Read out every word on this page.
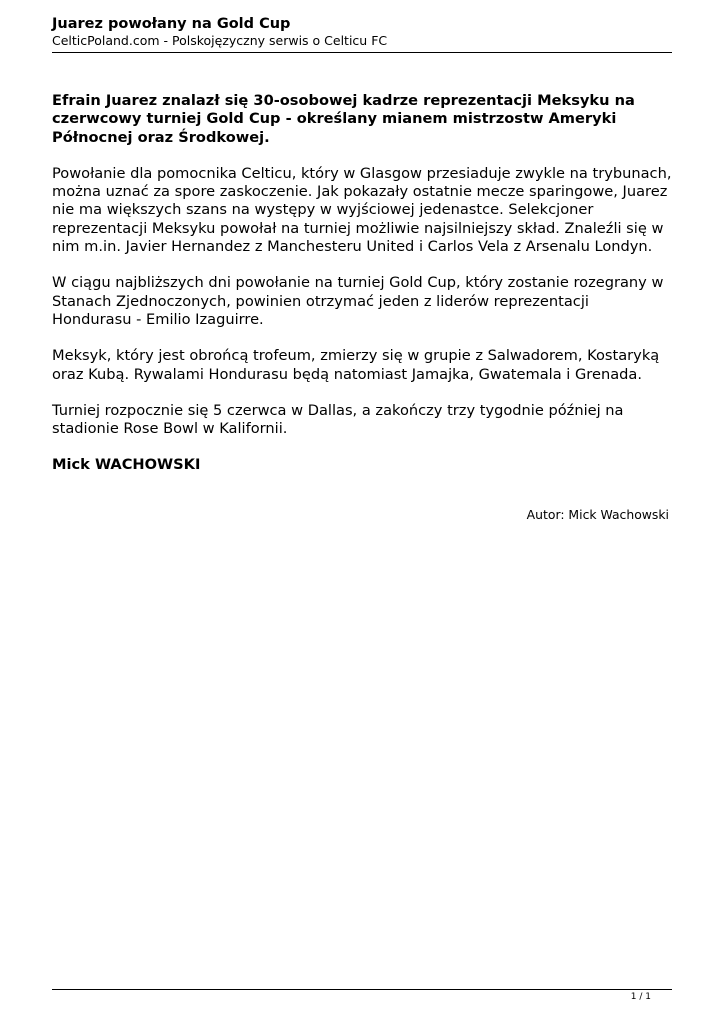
Juarez powołany na Gold Cup
CelticPoland.com - Polskojęzyczny serwis o Celticu FC

Efrain Juarez znalazł się 30-osobowej kadrze reprezentacji Meksyku na czerwcowy turniej Gold Cup - określany mianem mistrzostw Ameryki Północnej oraz Środkowej.

Powołanie dla pomocnika Celticu, który w Glasgow przesiaduje zwykle na trybunach, można uznać za spore zaskoczenie. Jak pokazały ostatnie mecze sparingowe, Juarez nie ma większych szans na występy w wyjściowej jedenastce. Selekcjoner reprezentacji Meksyku powołał na turniej możliwie najsilniejszy skład. Znaleźli się w nim m.in. Javier Hernandez z Manchesteru United i Carlos Vela z Arsenalu Londyn.

W ciągu najbliższych dni powołanie na turniej Gold Cup, który zostanie rozegrany w Stanach Zjednoczonych, powinien otrzymać jeden z liderów reprezentacji Hondurasu - Emilio Izaguirre.

Meksyk, który jest obrońcą trofeum, zmierzy się w grupie z Salwadorem, Kostaryką oraz Kubą. Rywalami Hondurasu będą natomiast Jamajka, Gwatemala i Grenada.

Turniej rozpocznie się 5 czerwca w Dallas, a zakończy trzy tygodnie później na stadionie Rose Bowl w Kalifornii.

Mick WACHOWSKI

Autor: Mick Wachowski
1 / 1
